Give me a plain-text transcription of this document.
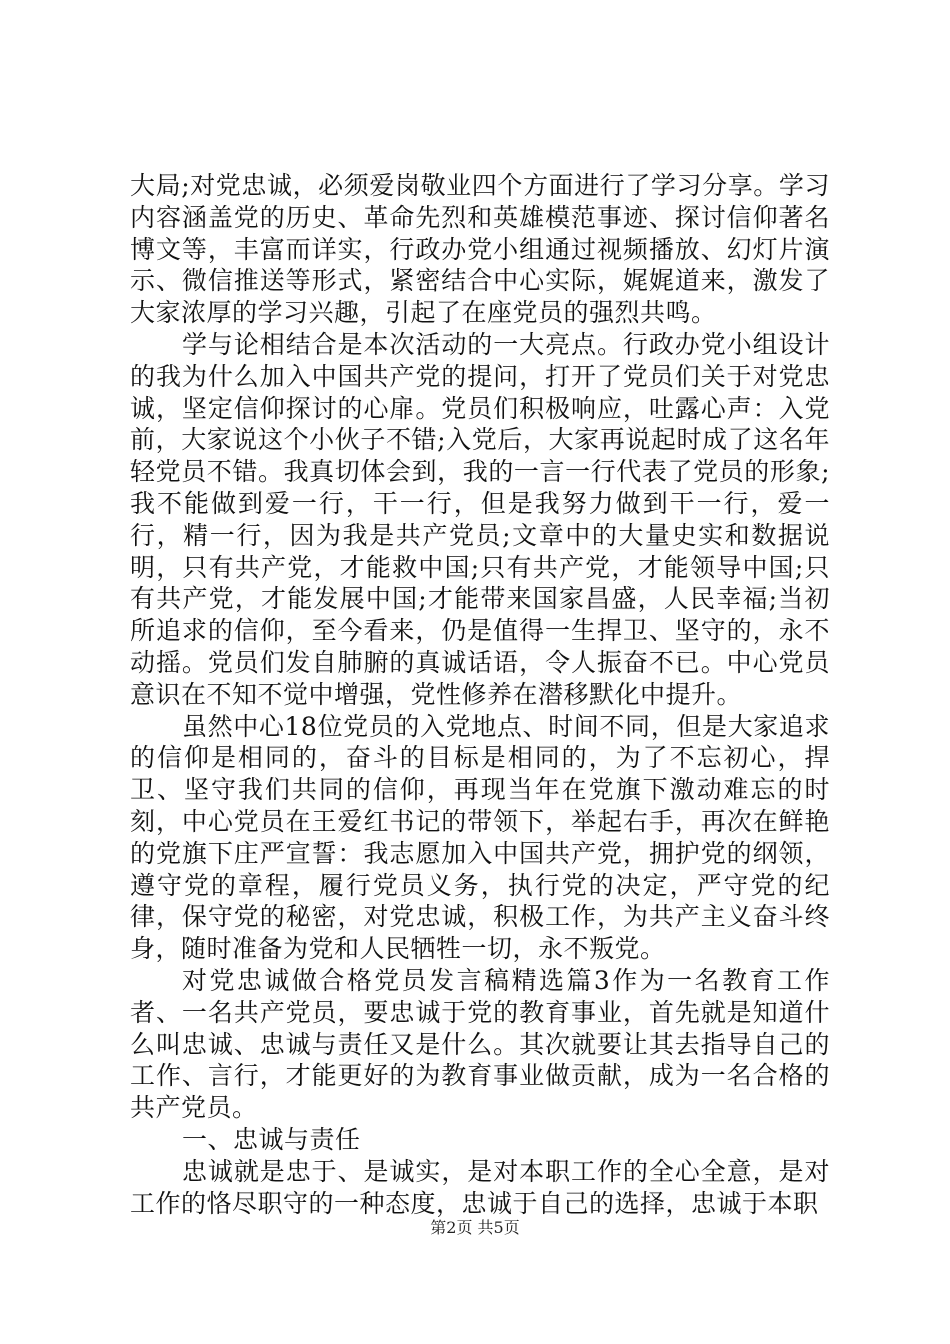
大局;对党忠诚，必须爱岗敬业四个方面进行了学习分享。学习内容涵盖党的历史、革命先烈和英雄模范事迹、探讨信仰著名博文等，丰富而详实，行政办党小组通过视频播放、幻灯片演示、微信推送等形式，紧密结合中心实际，娓娓道来，激发了大家浓厚的学习兴趣，引起了在座党员的强烈共鸣。

学与论相结合是本次活动的一大亮点。行政办党小组设计的我为什么加入中国共产党的提问，打开了党员们关于对党忠诚，坚定信仰探讨的心扉。党员们积极响应，吐露心声：入党前，大家说这个小伙子不错;入党后，大家再说起时成了这名年轻党员不错。我真切体会到，我的一言一行代表了党员的形象;我不能做到爱一行，干一行，但是我努力做到干一行，爱一行，精一行，因为我是共产党员;文章中的大量史实和数据说明，只有共产党，才能救中国;只有共产党，才能领导中国;只有共产党，才能发展中国;才能带来国家昌盛，人民幸福;当初所追求的信仰，至今看来，仍是值得一生捍卫、坚守的，永不动摇。党员们发自肺腑的真诚话语，令人振奋不已。中心党员意识在不知不觉中增强，党性修养在潜移默化中提升。

虽然中心18位党员的入党地点、时间不同，但是大家追求的信仰是相同的，奋斗的目标是相同的，为了不忘初心，捍卫、坚守我们共同的信仰，再现当年在党旗下激动难忘的时刻，中心党员在王爱红书记的带领下，举起右手，再次在鲜艳的党旗下庄严宣誓：我志愿加入中国共产党，拥护党的纲领，遵守党的章程，履行党员义务，执行党的决定，严守党的纪律，保守党的秘密，对党忠诚，积极工作，为共产主义奋斗终身，随时准备为党和人民牺牲一切，永不叛党。

对党忠诚做合格党员发言稿精选篇3作为一名教育工作者、一名共产党员，要忠诚于党的教育事业，首先就是知道什么叫忠诚、忠诚与责任又是什么。其次就要让其去指导自己的工作、言行，才能更好的为教育事业做贡献，成为一名合格的共产党员。

一、忠诚与责任

忠诚就是忠于、是诚实，是对本职工作的全心全意，是对工作的恪尽职守的一种态度，忠诚于自己的选择，忠诚于本职

第2页 共5页
